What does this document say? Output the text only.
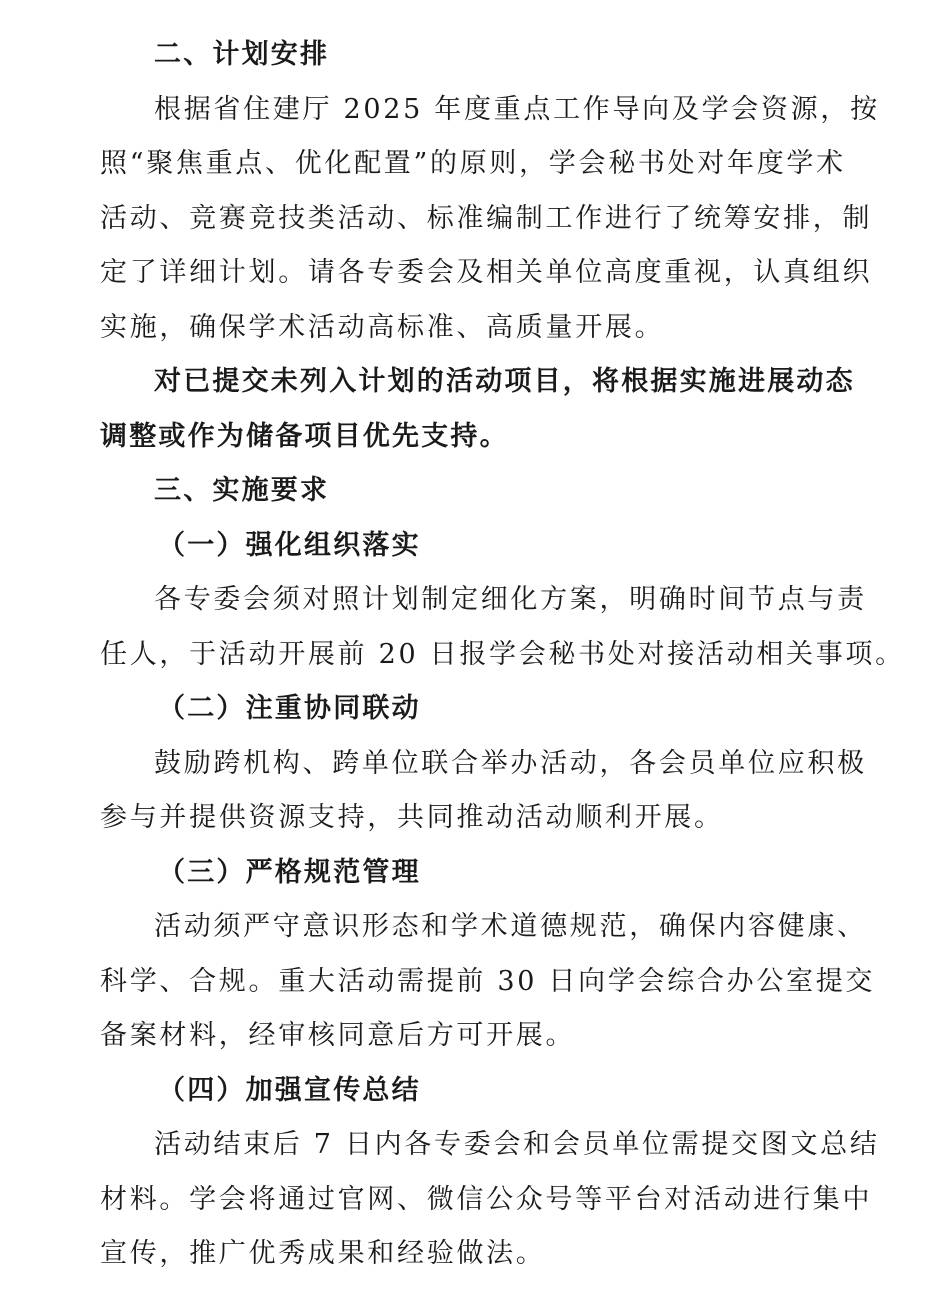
二、计划安排

根据省住建厅 2025 年度重点工作导向及学会资源，按

照“聚焦重点、优化配置”的原则，学会秘书处对年度学术

活动、竞赛竞技类活动、标准编制工作进行了统筹安排，制

定了详细计划。请各专委会及相关单位高度重视，认真组织

实施，确保学术活动高标准、高质量开展。

对已提交未列入计划的活动项目，将根据实施进展动态

调整或作为储备项目优先支持。

三、实施要求

（一）强化组织落实

各专委会须对照计划制定细化方案，明确时间节点与责

任人，于活动开展前 20 日报学会秘书处对接活动相关事项。

（二）注重协同联动

鼓励跨机构、跨单位联合举办活动，各会员单位应积极

参与并提供资源支持，共同推动活动顺利开展。

（三）严格规范管理

活动须严守意识形态和学术道德规范，确保内容健康、

科学、合规。重大活动需提前 30 日向学会综合办公室提交

备案材料，经审核同意后方可开展。

（四）加强宣传总结

活动结束后 7 日内各专委会和会员单位需提交图文总结

材料。学会将通过官网、微信公众号等平台对活动进行集中

宣传，推广优秀成果和经验做法。
